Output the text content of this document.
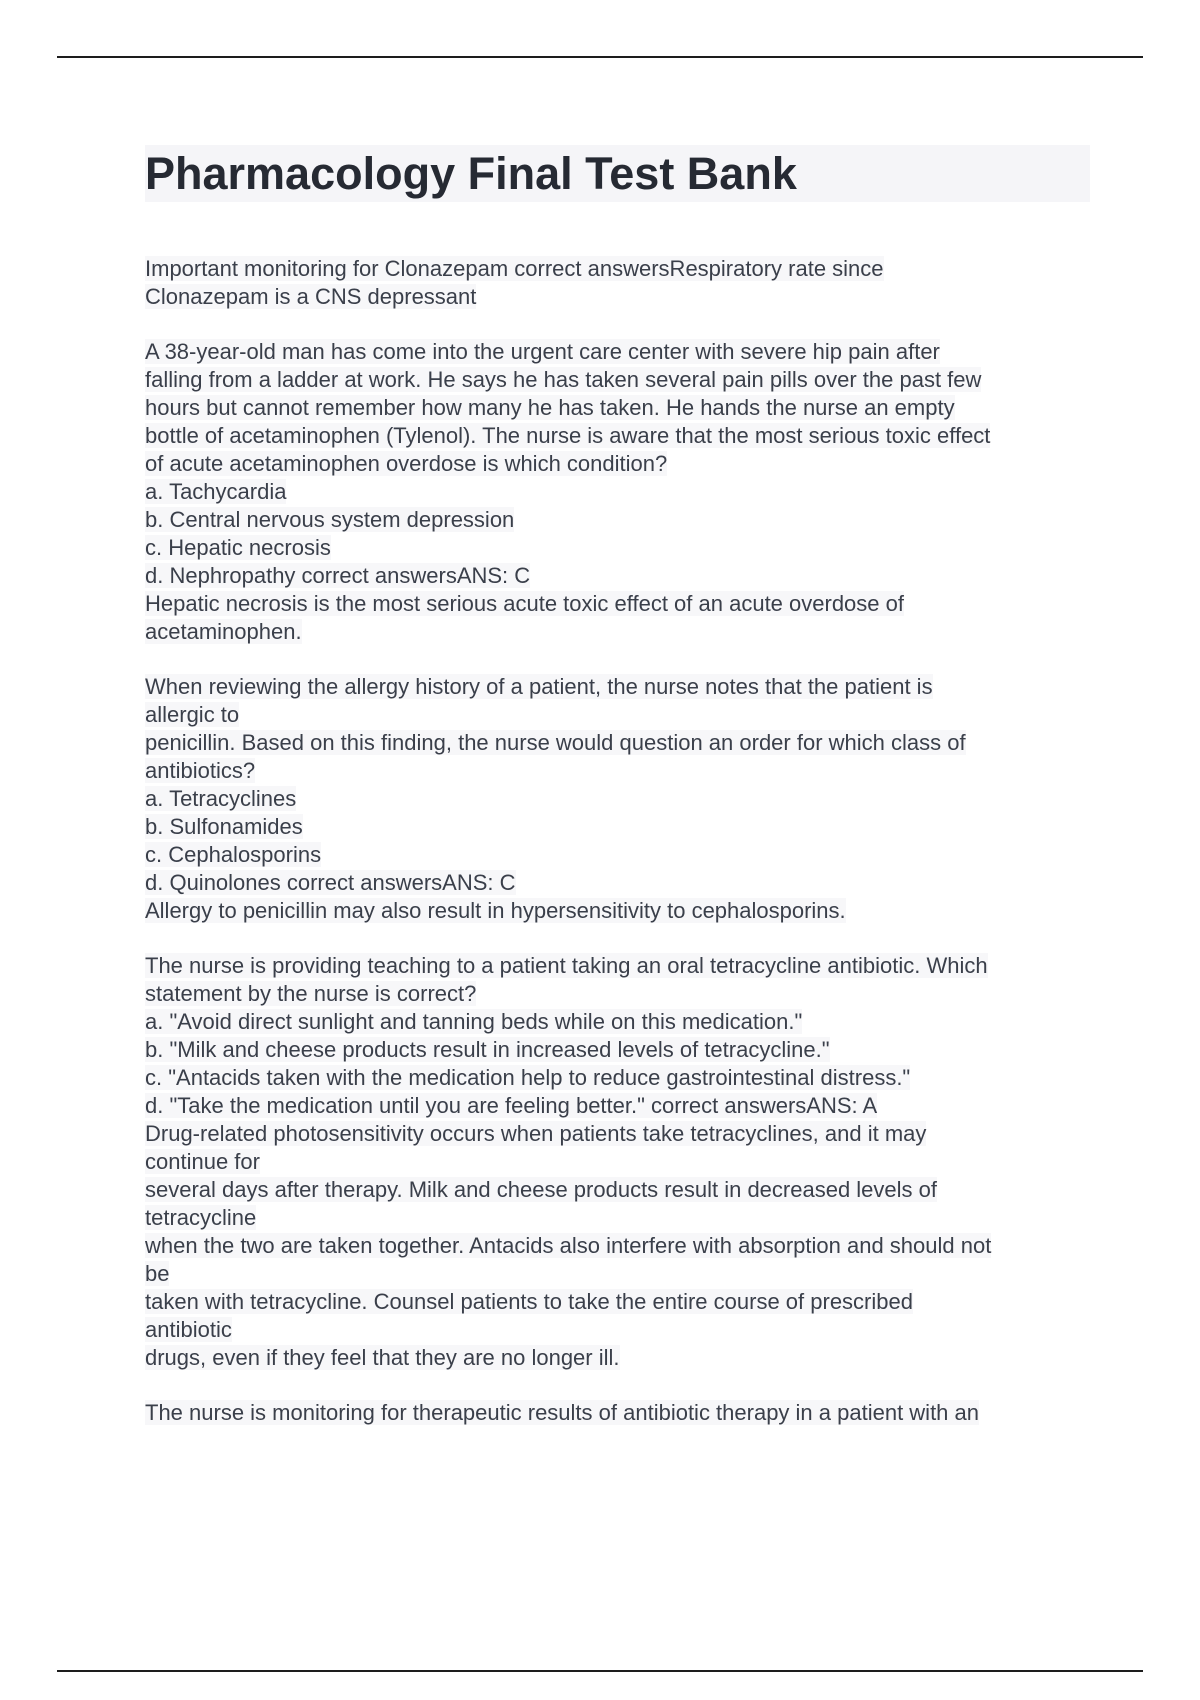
Pharmacology Final Test Bank
Important monitoring for Clonazepam correct answersRespiratory rate since
Clonazepam is a CNS depressant
A 38-year-old man has come into the urgent care center with severe hip pain after
falling from a ladder at work. He says he has taken several pain pills over the past few
hours but cannot remember how many he has taken. He hands the nurse an empty
bottle of acetaminophen (Tylenol). The nurse is aware that the most serious toxic effect
of acute acetaminophen overdose is which condition?
a. Tachycardia
b. Central nervous system depression
c. Hepatic necrosis
d. Nephropathy correct answersANS: C
Hepatic necrosis is the most serious acute toxic effect of an acute overdose of
acetaminophen.
When reviewing the allergy history of a patient, the nurse notes that the patient is
allergic to
penicillin. Based on this finding, the nurse would question an order for which class of
antibiotics?
a. Tetracyclines
b. Sulfonamides
c. Cephalosporins
d. Quinolones correct answersANS: C
Allergy to penicillin may also result in hypersensitivity to cephalosporins.
The nurse is providing teaching to a patient taking an oral tetracycline antibiotic. Which
statement by the nurse is correct?
a. "Avoid direct sunlight and tanning beds while on this medication."
b. "Milk and cheese products result in increased levels of tetracycline."
c. "Antacids taken with the medication help to reduce gastrointestinal distress."
d. "Take the medication until you are feeling better." correct answersANS: A
Drug-related photosensitivity occurs when patients take tetracyclines, and it may
continue for
several days after therapy. Milk and cheese products result in decreased levels of
tetracycline
when the two are taken together. Antacids also interfere with absorption and should not
be
taken with tetracycline. Counsel patients to take the entire course of prescribed
antibiotic
drugs, even if they feel that they are no longer ill.
The nurse is monitoring for therapeutic results of antibiotic therapy in a patient with an
